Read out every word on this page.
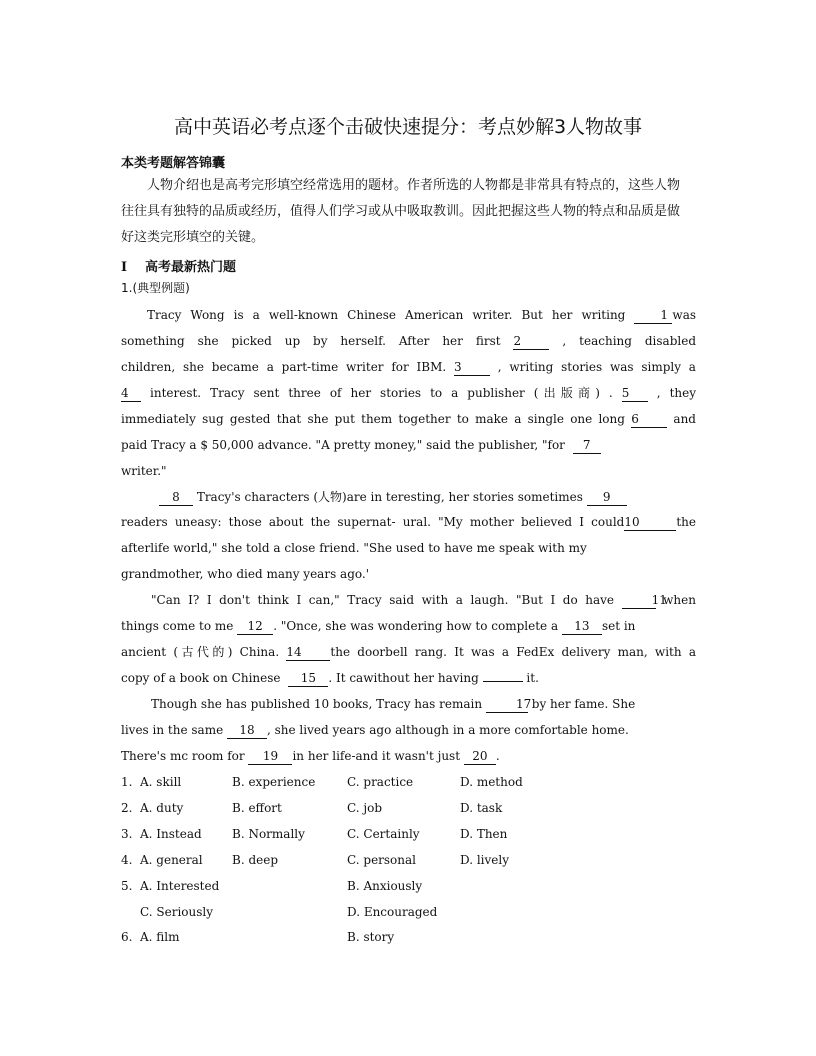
高中英语必考点逐个击破快速提分：考点妙解3人物故事
本类考题解答锦囊
人物介绍也是高考完形填空经常选用的题材。作者所选的人物都是非常具有特点的，这些人物
往往具有独特的品质或经历，值得人们学习或从中吸取教训。因此把握这些人物的特点和品质是做
好这类完形填空的关键。
I 高考最新热门题
1.(典型例题)
Tracy Wong is a well-known Chinese American writer. But her writing	1 was
something she picked up by herself. After her first 2	, teaching disabled
children, she became a part-time writer for IBM. 3	, writing stories was simply a
4 interest. Tracy sent three of her stories to a publisher (出版商) . 5 , they
immediately sug gested that she put them together to make a single one long 6	and
paid Tracy a $ 50,000 advance. "A pretty money," said the publisher, "for 7
writer."
8 Tracy's characters (人物)are in teresting, her stories sometimes 9
readers uneasy: those about the supernat- ural. "My mother believed I could10	the
afterlife world," she told a close friend. "She used to have me speak with my
grandmother, who died many years ago.'
"Can I? I don't think I can," Tracy said with a laugh. "But I do have	11 when
things come to me 12 . "Once, she was wondering how to complete a 13 set in
ancient (古代的) China. 14 the doorbell rang. It was a FedEx delivery man, with a
copy of a book on Chinese 15 . It cawithout her having	it.
Though she has published 10 books, Tracy has remain	17 by her fame. She
lives in the same 18 , she lived years ago although in a more comfortable home.
There's mc room for 19 in her life-and it wasn't just 20 .
1. A. skill	B. experience	C. practice	D. method
2. A. duty	B. effort	C. job	D. task
3. A. Instead	B. Normally	C. Certainly	D. Then
4. A. general B. deep	C. personal	D. lively
5. A. Interested	B. Anxiously
C. Seriously	D. Encouraged
6. A. film	B. story
